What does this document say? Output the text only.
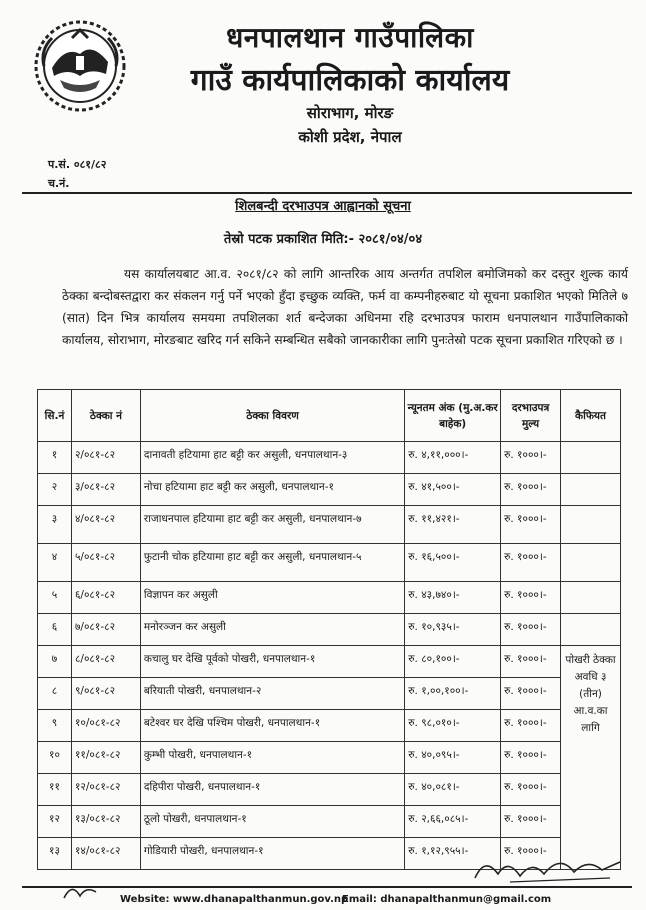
धनपालथान गाउँपालिका
गाउँ कार्यपालिकाको कार्यालय
सोराभाग, मोरङ
कोशी प्रदेश, नेपाल
प.सं. ०८१/८२
च.नं.
शिलबन्दी दरभाउपत्र आह्वानको सूचना
तेस्रो पटक प्रकाशित मिति:- २०८१/०४/०४

यस कार्यालयबाट आ.व. २०८१/८२ को लागि आन्तरिक आय अन्तर्गत तपशिल बमोजिमको कर दस्तुर शुल्क कार्य ठेक्का बन्दोबस्तद्वारा कर संकलन गर्नु पर्ने भएको हुँदा इच्छुक व्यक्ति, फर्म वा कम्पनीहरुबाट यो सूचना प्रकाशित भएको मितिले ७ (सात) दिन भित्र कार्यालय समयमा तपशिलका शर्त बन्देजका अधिनमा रहि दरभाउपत्र फाराम धनपालथान गाउँपालिकाको कार्यालय, सोराभाग, मोरङबाट खरिद गर्न सकिने सम्बन्धित सबैको जानकारीका लागि पुनःतेस्रो पटक सूचना प्रकाशित गरिएको छ ।

सि.नं	ठेक्का नं	ठेक्का विवरण	न्यूनतम अंक (मु.अ.कर बाहेक)	दरभाउपत्र मुल्य	कैफियत
१	२/०८१-८२	दानावती हटियामा हाट बट्टी कर असुली, धनपालथान-३	रु. ४,११,०००।-	रु. १०००।-	
२	३/०८१-८२	नोचा हटियामा हाट बट्टी कर असुली, धनपालथान-१	रु. ४१,५००।-	रु. १०००।-	
३	४/०८१-८२	राजाधनपाल हटियामा हाट बट्टी कर असुली, धनपालथान-७	रु. ११,४२१।-	रु. १०००।-	
४	५/०८१-८२	फुटानी चोक हटियामा हाट बट्टी कर असुली, धनपालथान-५	रु. १६,५००।-	रु. १०००।-	
५	६/०८१-८२	विज्ञापन कर असुली	रु. ४३,७४०।-	रु. १०००।-	
६	७/०८१-८२	मनोरञ्जन कर असुली	रु. १०,९३५।-	रु. १०००।-	
७	८/०८१-८२	कचालु घर देखि पूर्वको पोखरी, धनपालथान-१	रु. ८०,१००।-	रु. १०००।-	पोखरी ठेक्का अवधि ३ (तीन) आ.व.का लागि
८	९/०८१-८२	बरियाती पोखरी, धनपालथान-२	रु. १,००,१००।-	रु. १०००।-	
९	१०/०८१-८२	बटेश्वर घर देखि पश्चिम पोखरी, धनपालथान-१	रु. ९८,०१०।-	रु. १०००।-	
१०	११/०८१-८२	कुम्भी पोखरी, धनपालथान-१	रु. ४०,०९५।-	रु. १०००।-	
११	१२/०८१-८२	दहिपीरा पोखरी, धनपालथान-१	रु. ४०,०८१।-	रु. १०००।-	
१२	१३/०८१-८२	ठूलो पोखरी, धनपालथान-१	रु. २,६६,०८५।-	रु. १०००।-	
१३	१४/०८१-८२	गोडियारी पोखरी, धनपालथान-१	रु. १,१२,९५५।-	रु. १०००।-	
Website: www.dhanapalthanmun.gov.np
Email: dhanapalthanmun@gmail.com
